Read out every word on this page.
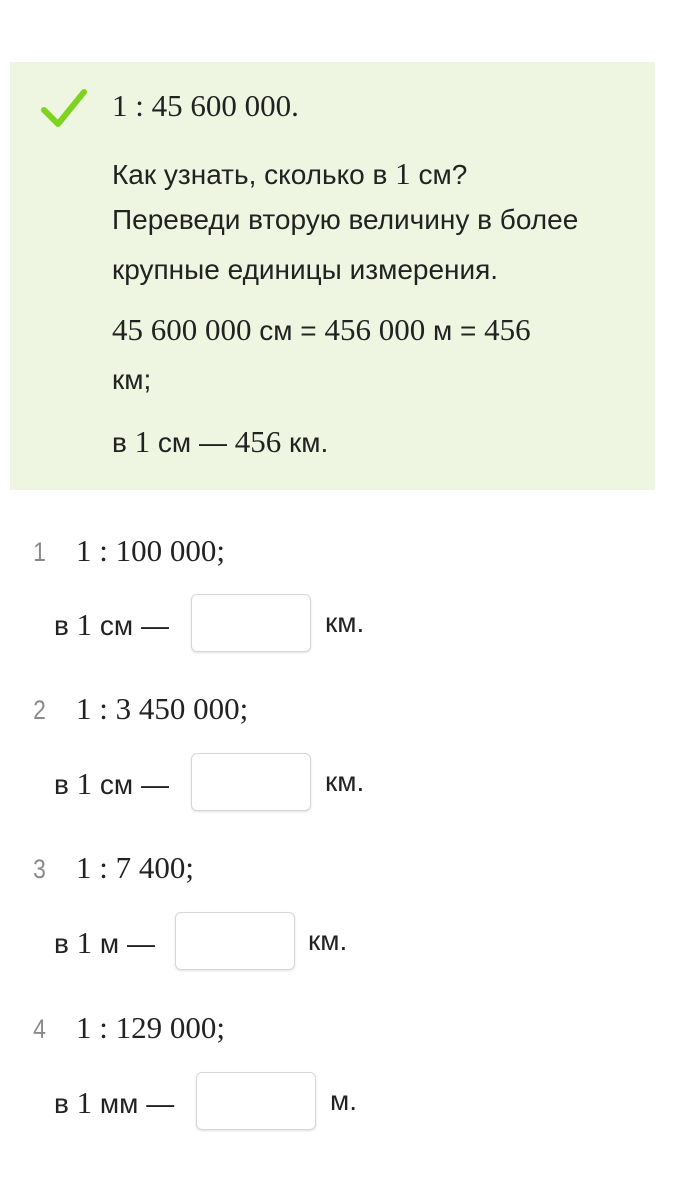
1 : 45 600 000.
Как узнать, сколько в 1 см?
Переведи вторую величину в более
крупные единицы измерения.
45 600 000 см = 456 000 м = 456
км;
в 1 см — 456 км.
1 1 : 100 000;
в 1 см —	км.
2 1 : 3 450 000;
в 1 см —	км.
3 1 : 7 400;
в 1 м —	км.
4 1 : 129 000;
в 1 мм —	м.
